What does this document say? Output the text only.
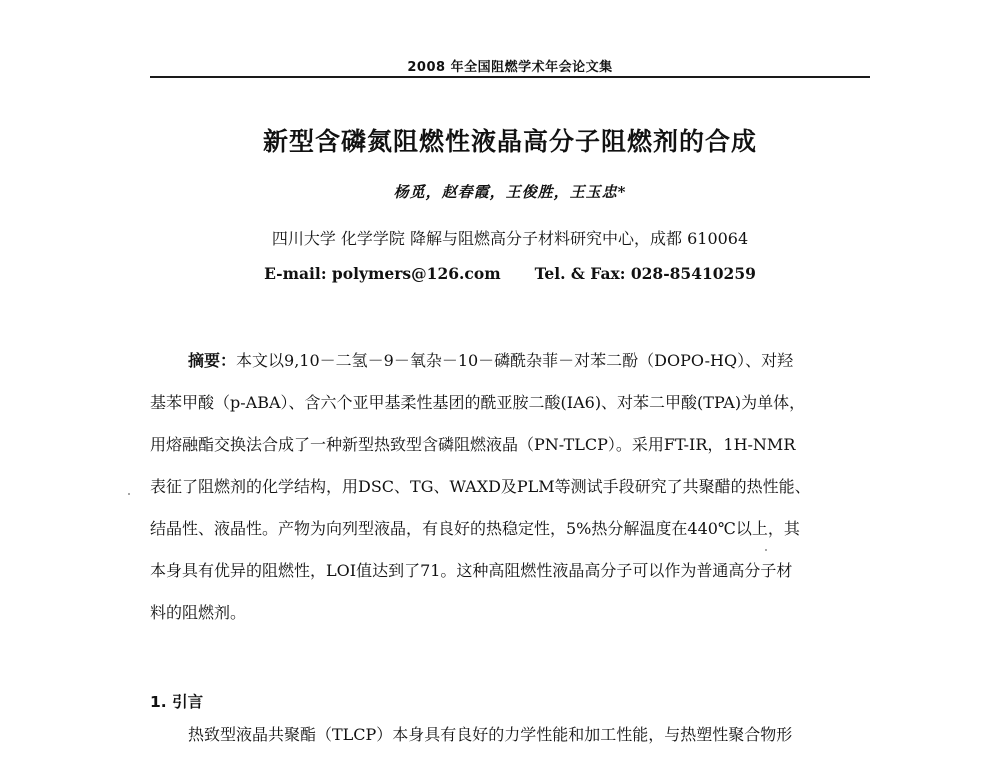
2008 年全国阻燃学术年会论文集
新型含磷氮阻燃性液晶高分子阻燃剂的合成
杨觅，赵春霞，王俊胜，王玉忠*
四川大学 化学学院 降解与阻燃高分子材料研究中心，成都 610064
E-mail: polymers@126.com Tel. & Fax: 028-85410259
摘要：本文以9,10－二氢－9－氧杂－10－磷酰杂菲－对苯二酚（DOPO-HQ）、对羟
基苯甲酸（p-ABA）、含六个亚甲基柔性基团的酰亚胺二酸(IA6)、对苯二甲酸(TPA)为单体，
用熔融酯交换法合成了一种新型热致型含磷阻燃液晶（PN-TLCP）。采用FT-IR，1H-NMR
表征了阻燃剂的化学结构，用DSC、TG、WAXD及PLM等测试手段研究了共聚醋的热性能、
结晶性、液晶性。产物为向列型液晶，有良好的热稳定性，5%热分解温度在440℃以上，其
本身具有优异的阻燃性，LOI值达到了71。这种高阻燃性液晶高分子可以作为普通高分子材
料的阻燃剂。
1. 引言
热致型液晶共聚酯（TLCP）本身具有良好的力学性能和加工性能，与热塑性聚合物形
